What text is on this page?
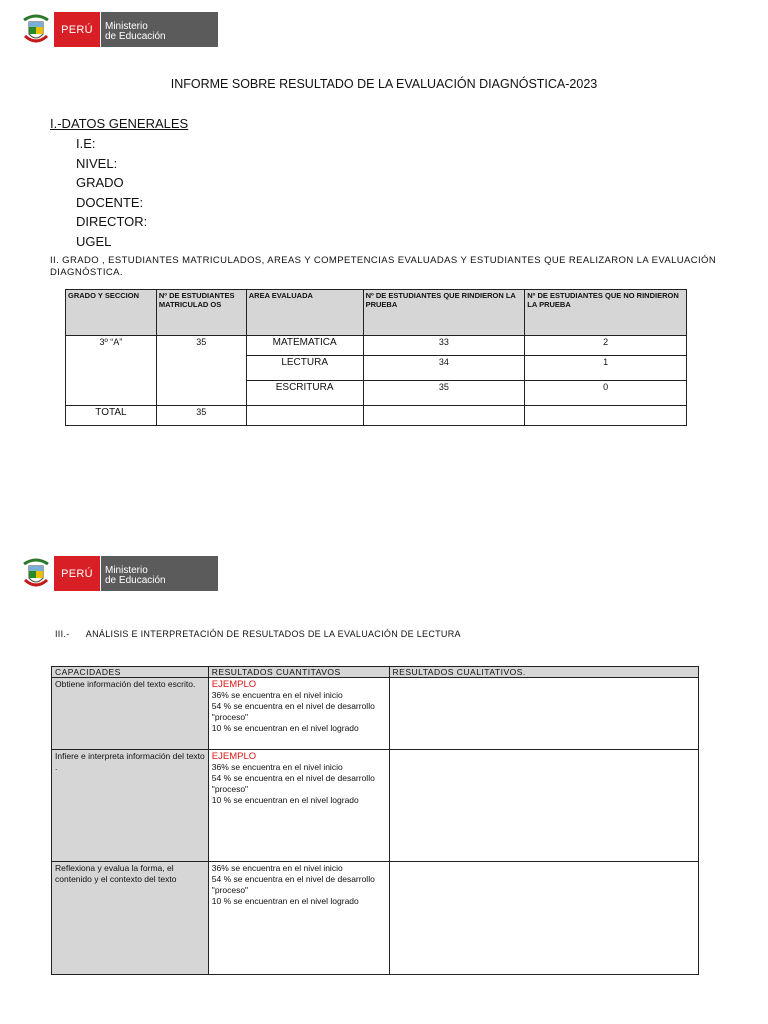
PERÚ	Ministerio
de Educación
INFORME SOBRE RESULTADO DE LA EVALUACIÓN DIAGNÓSTICA-2023
I.-DATOS GENERALES
I.E:
NIVEL:
GRADO
DOCENTE:
DIRECTOR:
UGEL
II. GRADO , ESTUDIANTES MATRICULADOS, AREAS Y COMPETENCIAS EVALUADAS Y ESTUDIANTES QUE REALIZARON LA EVALUACIÓN DIAGNÓSTICA.
GRADO Y SECCION	Nº DE ESTUDIANTES MATRICULAD OS	AREA EVALUADA	Nº DE ESTUDIANTES QUE RINDIERON LA PRUEBA	Nº DE ESTUDIANTES QUE NO RINDIERON LA PRUEBA
3º “A”	35	MATEMATICA	33	2
		LECTURA	34	1
		ESCRITURA	35	0
TOTAL	35			
PERÚ	Ministerio
de Educación
III.-      ANÁLISIS E INTERPRETACIÓN DE RESULTADOS DE LA EVALUACIÓN DE LECTURA
CAPACIDADES	RESULTADOS CUANTITAVOS	RESULTADOS CUALITATIVOS.
Obtiene información del texto escrito.	EJEMPLO
36% se encuentra en el nivel inicio
54 % se encuentra en el nivel de desarrollo "proceso"
10 % se encuentran en el nivel logrado	

Infiere e interpreta información del texto .	EJEMPLO
36% se encuentra en el nivel inicio
54 % se encuentra en el nivel de desarrollo "proceso"
10 % se encuentran en el nivel logrado	

Reflexiona y evalua la forma, el contenido y el contexto del texto	36% se encuentra en el nivel inicio
54 % se encuentra en el nivel de desarrollo "proceso"
10 % se encuentran en el nivel logrado	
